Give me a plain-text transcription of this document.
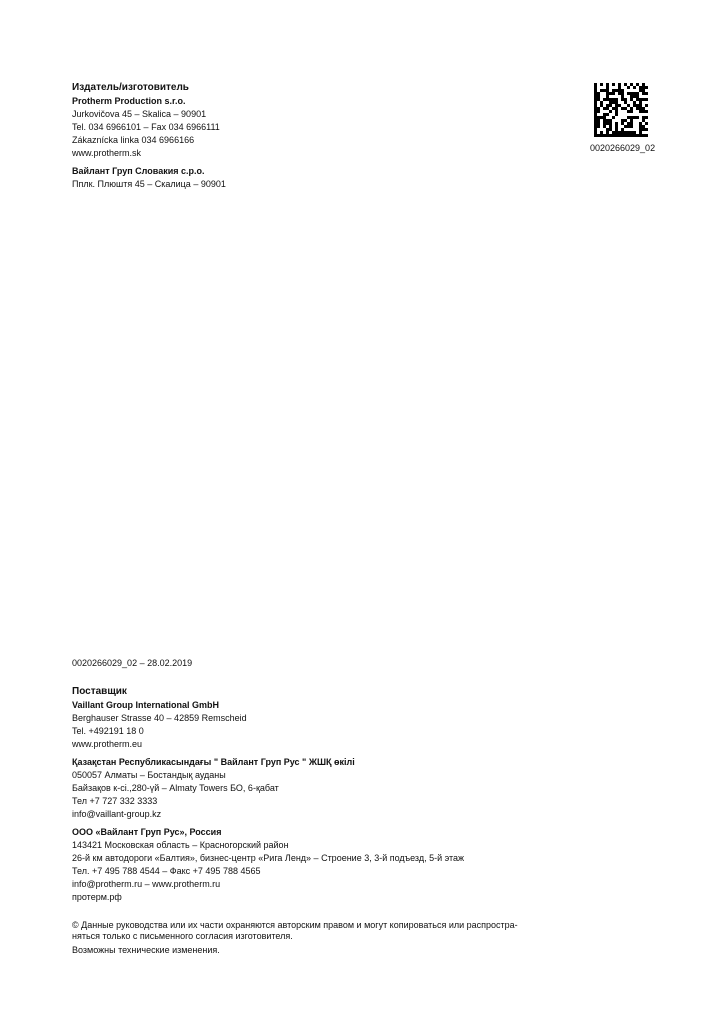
Издатель/изготовитель
Protherm Production s.r.o.
Jurkovičova 45 – Skalica – 90901
Tel. 034 6966101 – Fax 034 6966111
Zákaznícka linka 034 6966166
www.protherm.sk
Вайлант Груп Словакия с.р.о.
Пплк. Плюштя 45 – Скалица – 90901
0020266029_02
0020266029_02 – 28.02.2019
Поставщик
Vaillant Group International GmbH
Berghauser Strasse 40 – 42859 Remscheid
Tel. +492191 18 0
www.protherm.eu
Қазақстан Республикасындағы " Вайлант Груп Рус " ЖШҚ өкілі
050057 Алматы – Бостандық ауданы
Байзақов к-сі.,280-үй – Almaty Towers БО, 6-қабат
Тел +7 727 332 3333
info@vaillant-group.kz
ООО «Вайлант Груп Рус», Россия
143421 Московская область – Красногорский район
26-й км автодороги «Балтия», бизнес-центр «Рига Ленд» – Строение 3, 3-й подъезд, 5-й этаж
Тел. +7 495 788 4544 – Факс +7 495 788 4565
info@protherm.ru – www.protherm.ru
протерм.рф
© Данные руководства или их части охраняются авторским правом и могут копироваться или распростра-
няться только с письменного согласия изготовителя.
Возможны технические изменения.
